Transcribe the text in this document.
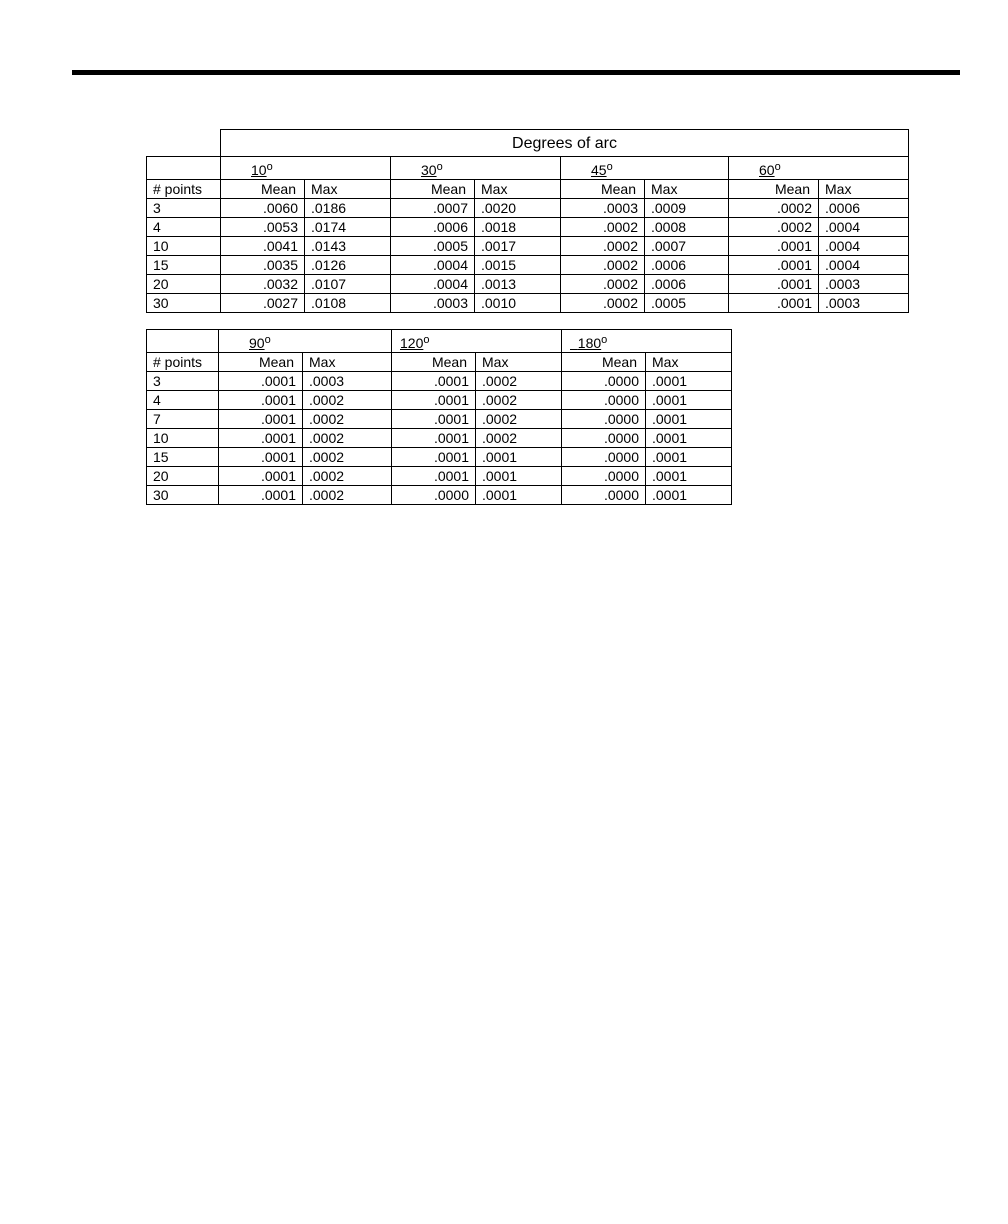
	Degrees of arc							
	10$^o$		30$^o$		45$^o$		60$^o$
# points	Mean	Max	Mean	Max	Mean	Max	Mean	Max
3	.0060	.0186	.0007	.0020	.0003	.0009	.0002	.0006
4	.0053	.0174	.0006	.0018	.0002	.0008	.0002	.0004
10	.0041	.0143	.0005	.0017	.0002	.0007	.0001	.0004
15	.0035	.0126	.0004	.0015	.0002	.0006	.0001	.0004
20	.0032	.0107	.0004	.0013	.0002	.0006	.0001	.0003
30	.0027	.0108	.0003	.0010	.0002	.0005	.0001	.0003
	90$^o$		120$^o$		180$^o$
# points	Mean	Max	Mean	Max	Mean	Max
3	.0001	.0003	.0001	.0002	.0000	.0001
4	.0001	.0002	.0001	.0002	.0000	.0001
7	.0001	.0002	.0001	.0002	.0000	.0001
10	.0001	.0002	.0001	.0002	.0000	.0001
15	.0001	.0002	.0001	.0001	.0000	.0001
20	.0001	.0002	.0001	.0001	.0000	.0001
30	.0001	.0002	.0000	.0001	.0000	.0001
